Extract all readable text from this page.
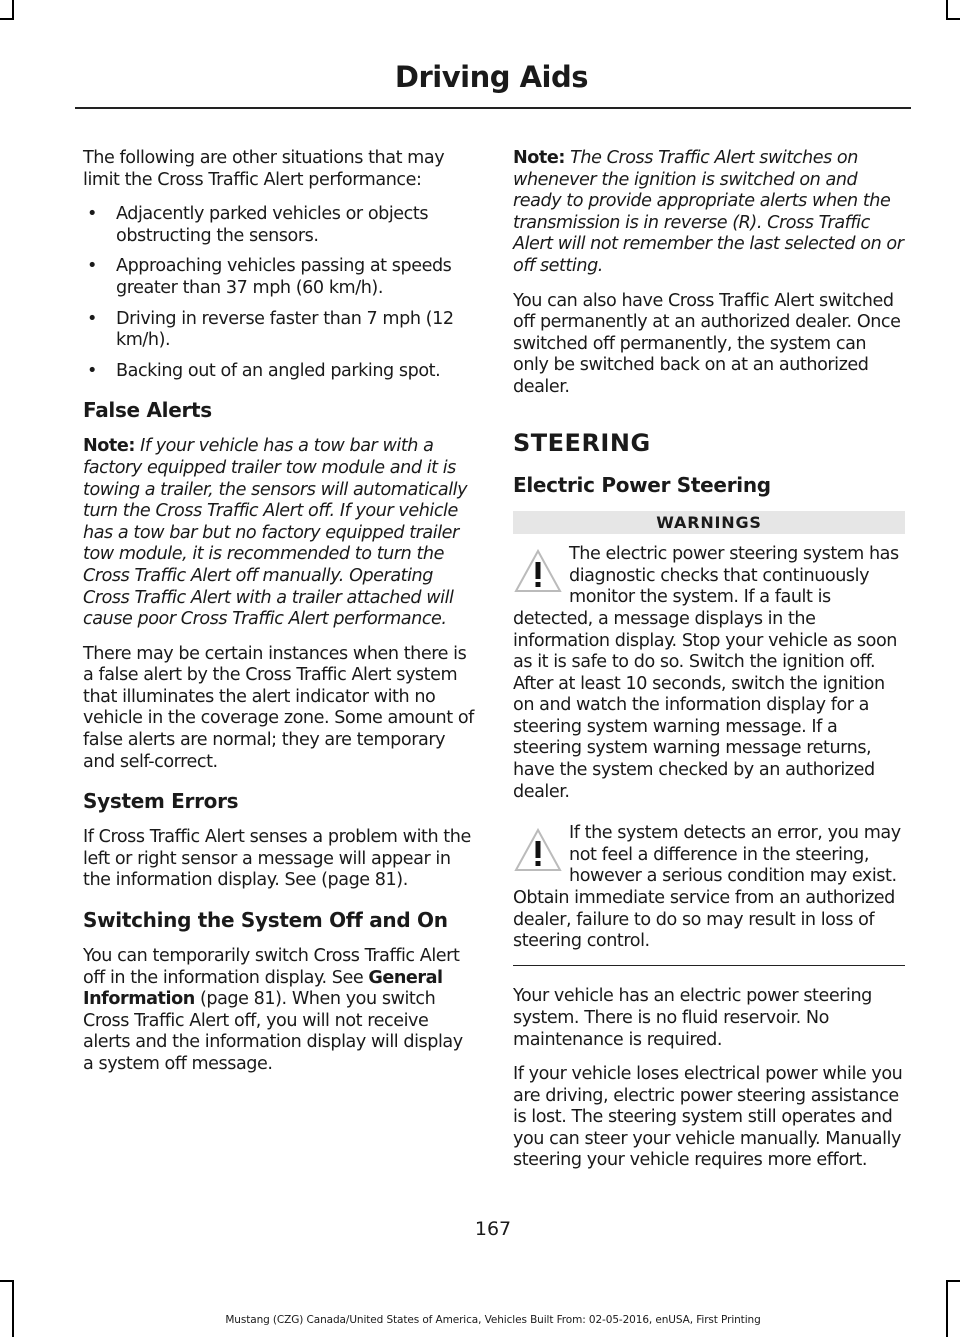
Driving Aids

The following are other situations that may limit the Cross Traffic Alert performance:

• Adjacently parked vehicles or objects obstructing the sensors.
• Approaching vehicles passing at speeds greater than 37 mph (60 km/h).
• Driving in reverse faster than 7 mph (12 km/h).
• Backing out of an angled parking spot.
False Alerts

Note: If your vehicle has a tow bar with a factory equipped trailer tow module and it is towing a trailer, the sensors will automatically turn the Cross Traffic Alert off. If your vehicle has a tow bar but no factory equipped trailer tow module, it is recommended to turn the Cross Traffic Alert off manually. Operating Cross Traffic Alert with a trailer attached will cause poor Cross Traffic Alert performance.

There may be certain instances when there is a false alert by the Cross Traffic Alert system that illuminates the alert indicator with no vehicle in the coverage zone. Some amount of false alerts are normal; they are temporary and self-correct.

System Errors

If Cross Traffic Alert senses a problem with the left or right sensor a message will appear in the information display. See (page 81).

Switching the System Off and On

You can temporarily switch Cross Traffic Alert off in the information display. See General Information (page 81). When you switch Cross Traffic Alert off, you will not receive alerts and the information display will display a system off message.

Note: The Cross Traffic Alert switches on whenever the ignition is switched on and ready to provide appropriate alerts when the transmission is in reverse (R). Cross Traffic Alert will not remember the last selected on or off setting.

You can also have Cross Traffic Alert switched off permanently at an authorized dealer. Once switched off permanently, the system can only be switched back on at an authorized dealer.

STEERING
Electric Power Steering
WARNINGS
The electric power steering system has diagnostic checks that continuously monitor the system. If a fault is detected, a message displays in the information display. Stop your vehicle as soon as it is safe to do so. Switch the ignition off. After at least 10 seconds, switch the ignition on and watch the information display for a steering system warning message. If a steering system warning message returns, have the system checked by an authorized dealer.
If the system detects an error, you may not feel a difference in the steering, however a serious condition may exist. Obtain immediate service from an authorized dealer, failure to do so may result in loss of steering control.

Your vehicle has an electric power steering system. There is no fluid reservoir. No maintenance is required.

If your vehicle loses electrical power while you are driving, electric power steering assistance is lost. The steering system still operates and you can steer your vehicle manually. Manually steering your vehicle requires more effort.

167
Mustang (CZG) Canada/United States of America, Vehicles Built From: 02-05-2016, enUSA, First Printing
